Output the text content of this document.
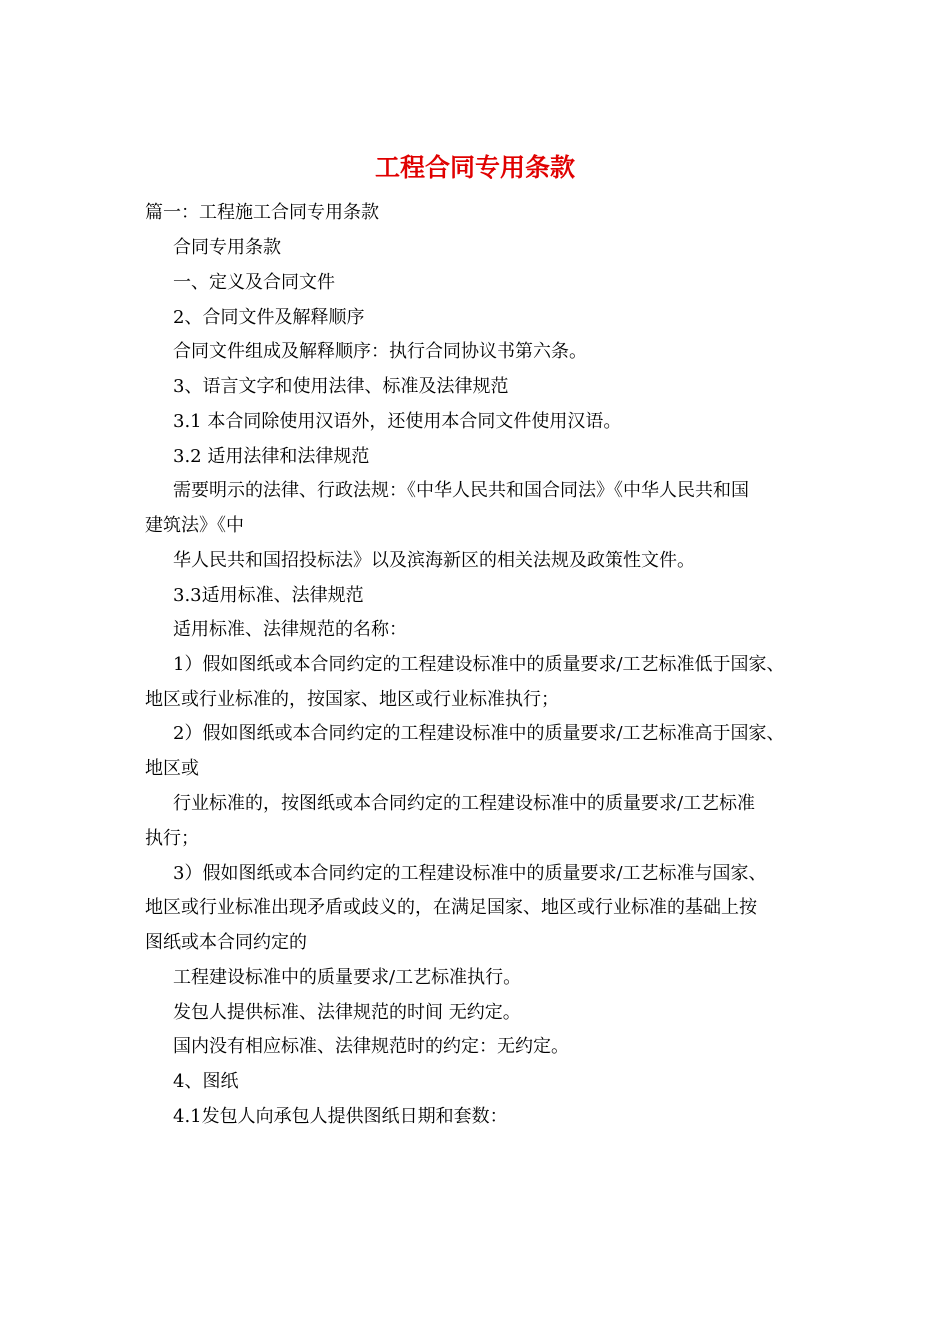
工程合同专用条款
篇一：工程施工合同专用条款
合同专用条款
一、定义及合同文件
2、合同文件及解释顺序
合同文件组成及解释顺序：执行合同协议书第六条。
3、语言文字和使用法律、标准及法律规范
3.1 本合同除使用汉语外，还使用本合同文件使用汉语。
3.2 适用法律和法律规范
需要明示的法律、行政法规：《中华人民共和国合同法》《中华人民共和国
建筑法》《中
华人民共和国招投标法》以及滨海新区的相关法规及政策性文件。
3.3适用标准、法律规范
适用标准、法律规范的名称：
1）假如图纸或本合同约定的工程建设标准中的质量要求/工艺标准低于国家、
地区或行业标准的，按国家、地区或行业标准执行；
2）假如图纸或本合同约定的工程建设标准中的质量要求/工艺标准高于国家、
地区或
行业标准的，按图纸或本合同约定的工程建设标准中的质量要求/工艺标准
执行；
3）假如图纸或本合同约定的工程建设标准中的质量要求/工艺标准与国家、
地区或行业标准出现矛盾或歧义的，在满足国家、地区或行业标准的基础上按
图纸或本合同约定的
工程建设标准中的质量要求/工艺标准执行。
发包人提供标准、法律规范的时间 无约定。
国内没有相应标准、法律规范时的约定：无约定。
4、图纸
4.1发包人向承包人提供图纸日期和套数：
